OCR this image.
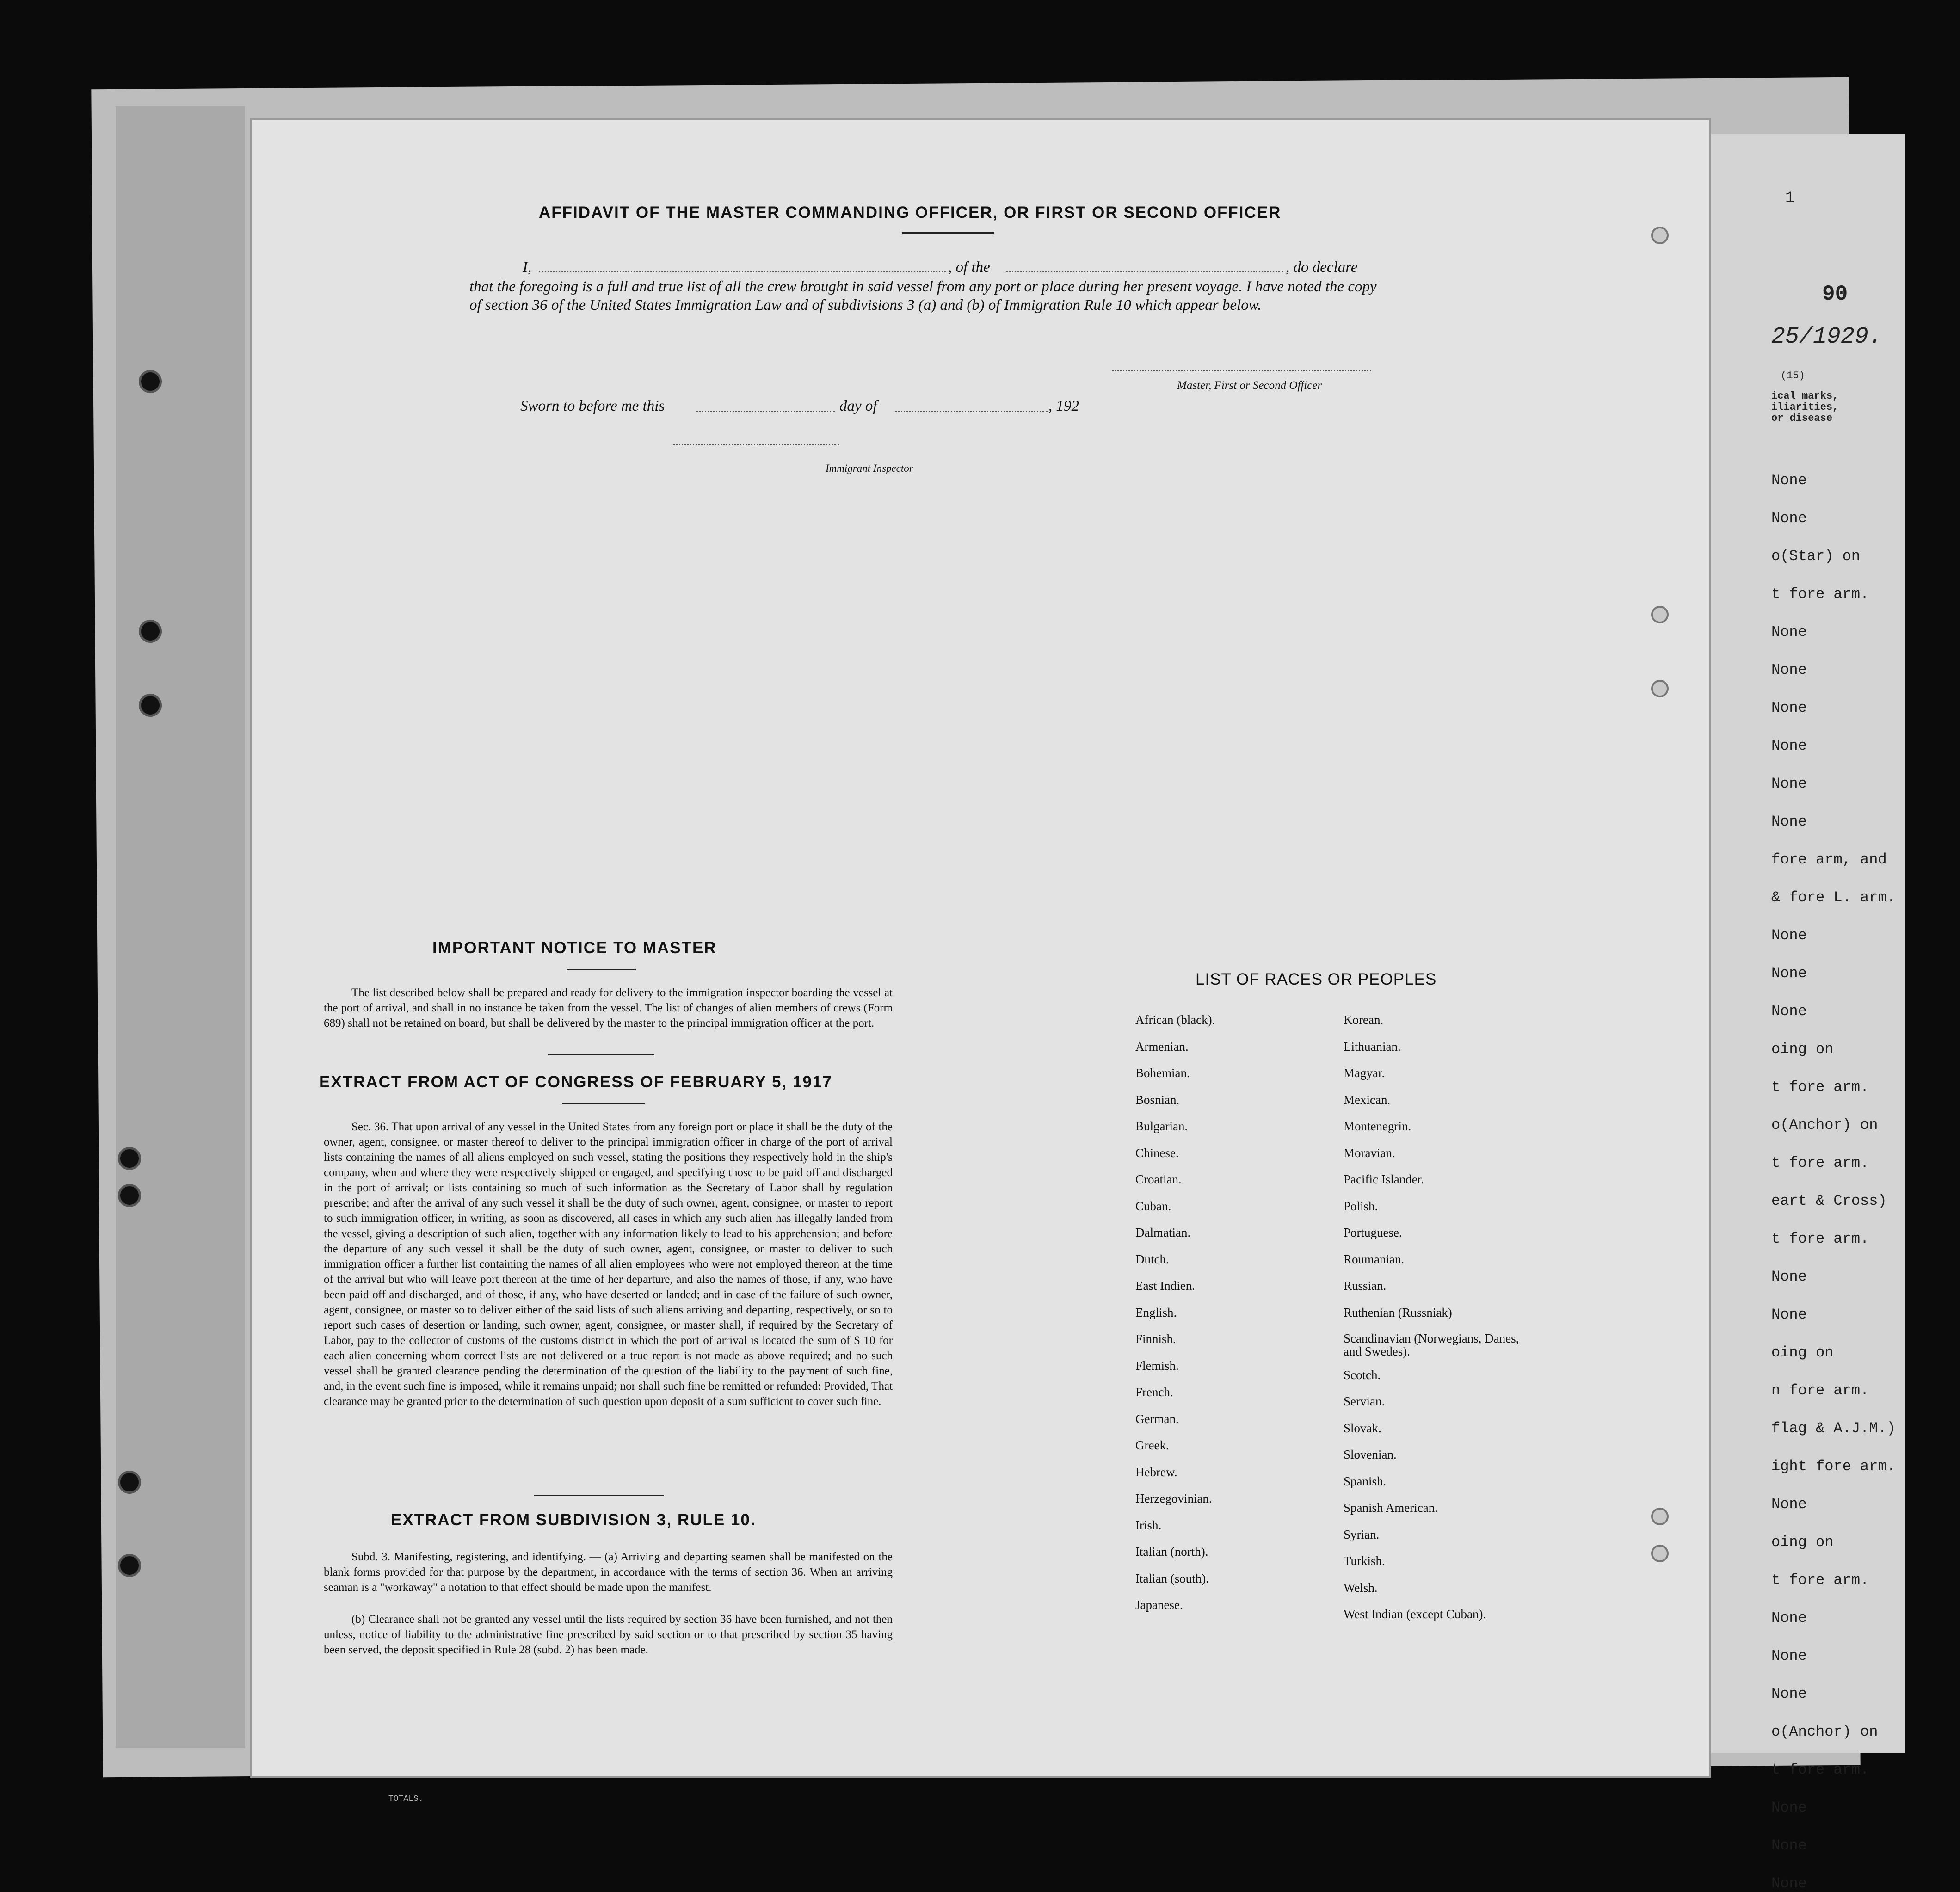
1
90
25/1929.
(15)
ical marks, iliarities, or disease
None
None
o(Star) on
t fore arm.
None
None
None
None
None
None
fore arm, and
& fore L. arm.
None
None
None
oing on
t fore arm.
o(Anchor) on
t fore arm.
eart & Cross)
t fore arm.
None
None
oing on
n fore arm.
flag & A.J.M.)
ight fore arm.
None
oing on
t fore arm.
None
None
None
o(Anchor) on
t fore arm.
None
None
None
TOTALS.
AFFIDAVIT OF THE MASTER COMMANDING OFFICER, OR FIRST OR SECOND OFFICER
I,	, of the	, do declare
that the foregoing is a full and true list of all the crew brought in said vessel from any port or place during her present voyage. I have noted the copy of section 36 of the United States Immigration Law and of subdivisions 3 (a) and (b) of Immigration Rule 10 which appear below.
Master, First or Second Officer
Sworn to before me this	day of	, 192
Immigrant Inspector
IMPORTANT NOTICE TO MASTER
The list described below shall be prepared and ready for delivery to the immigration inspector boarding the vessel at the port of arrival, and shall in no instance be taken from the vessel. The list of changes of alien members of crews (Form 689) shall not be retained on board, but shall be delivered by the master to the principal immigration officer at the port.
EXTRACT FROM ACT OF CONGRESS OF FEBRUARY 5, 1917
Sec. 36. That upon arrival of any vessel in the United States from any foreign port or place it shall be the duty of the owner, agent, consignee, or master thereof to deliver to the principal immigration officer in charge of the port of arrival lists containing the names of all aliens employed on such vessel, stating the positions they respectively hold in the ship's company, when and where they were respectively shipped or engaged, and specifying those to be paid off and discharged in the port of arrival; or lists containing so much of such information as the Secretary of Labor shall by regulation prescribe; and after the arrival of any such vessel it shall be the duty of such owner, agent, consignee, or master to report to such immigration officer, in writing, as soon as discovered, all cases in which any such alien has illegally landed from the vessel, giving a description of such alien, together with any information likely to lead to his apprehension; and before the departure of any such vessel it shall be the duty of such owner, agent, consignee, or master to deliver to such immigration officer a further list containing the names of all alien employees who were not employed thereon at the time of the arrival but who will leave port thereon at the time of her departure, and also the names of those, if any, who have been paid off and discharged, and of those, if any, who have deserted or landed; and in case of the failure of such owner, agent, consignee, or master so to deliver either of the said lists of such aliens arriving and departing, respectively, or so to report such cases of desertion or landing, such owner, agent, consignee, or master shall, if required by the Secretary of Labor, pay to the collector of customs of the customs district in which the port of arrival is located the sum of $ 10 for each alien concerning whom correct lists are not delivered or a true report is not made as above required; and no such vessel shall be granted clearance pending the determination of the question of the liability to the payment of such fine, and, in the event such fine is imposed, while it remains unpaid; nor shall such fine be remitted or refunded: Provided, That clearance may be granted prior to the determination of such question upon deposit of a sum sufficient to cover such fine.
EXTRACT FROM SUBDIVISION 3, RULE 10.
Subd. 3. Manifesting, registering, and identifying. — (a) Arriving and departing seamen shall be manifested on the blank forms provided for that purpose by the department, in accordance with the terms of section 36. When an arriving seaman is a "workaway" a notation to that effect should be made upon the manifest.
(b) Clearance shall not be granted any vessel until the lists required by section 36 have been furnished, and not then unless, notice of liability to the administrative fine prescribed by said section or to that prescribed by section 35 having been served, the deposit specified in Rule 28 (subd. 2) has been made.
LIST OF RACES OR PEOPLES
African (black).
Armenian.
Bohemian.
Bosnian.
Bulgarian.
Chinese.
Croatian.
Cuban.
Dalmatian.
Dutch.
East Indien.
English.
Finnish.
Flemish.
French.
German.
Greek.
Hebrew.
Herzegovinian.
Irish.
Italian (north).
Italian (south).
Japanese.
Korean.
Lithuanian.
Magyar.
Mexican.
Montenegrin.
Moravian.
Pacific Islander.
Polish.
Portuguese.
Roumanian.
Russian.
Ruthenian (Russniak)
Scandinavian (Norwegians, Danes, and Swedes).
Scotch.
Servian.
Slovak.
Slovenian.
Spanish.
Spanish American.
Syrian.
Turkish.
Welsh.
West Indian (except Cuban).
